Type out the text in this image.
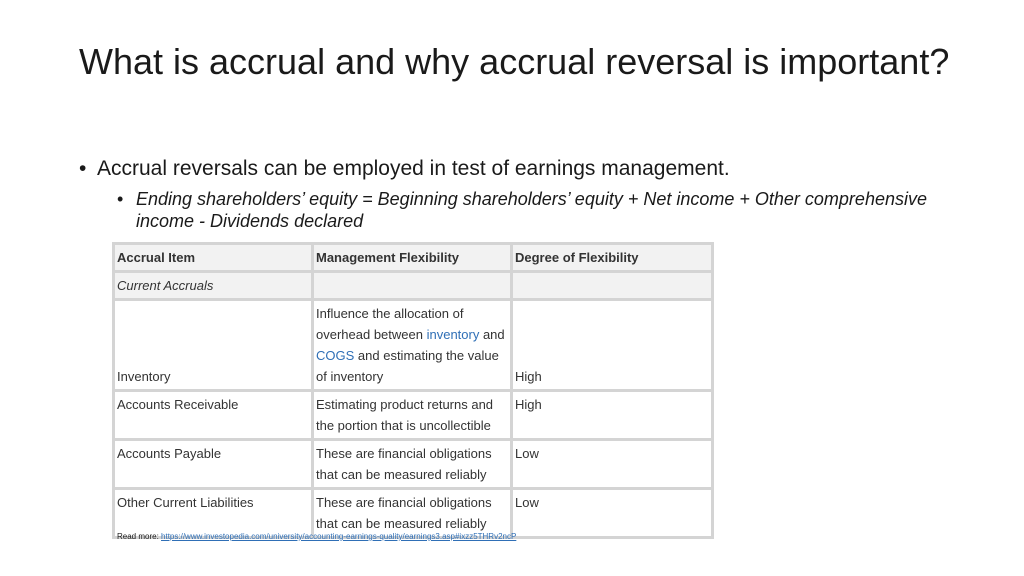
What is accrual and why accrual reversal is important?
• Accrual reversals can be employed in test of earnings management.
• Ending shareholders’ equity = Beginning shareholders’ equity + Net income + Other comprehensive income - Dividends declared
Accrual Item	Management Flexibility	Degree of Flexibility
Current Accruals		
Inventory	Influence the allocation of overhead between inventory and COGS and estimating the value of inventory	High
Accounts Receivable	Estimating product returns and the portion that is uncollectible	High
Accounts Payable	These are financial obligations that can be measured reliably	Low
Other Current Liabilities	These are financial obligations that can be measured reliably	Low
Read more: https://www.investopedia.com/university/accounting-earnings-quality/earnings3.asp#ixzz5THRv2ncP
